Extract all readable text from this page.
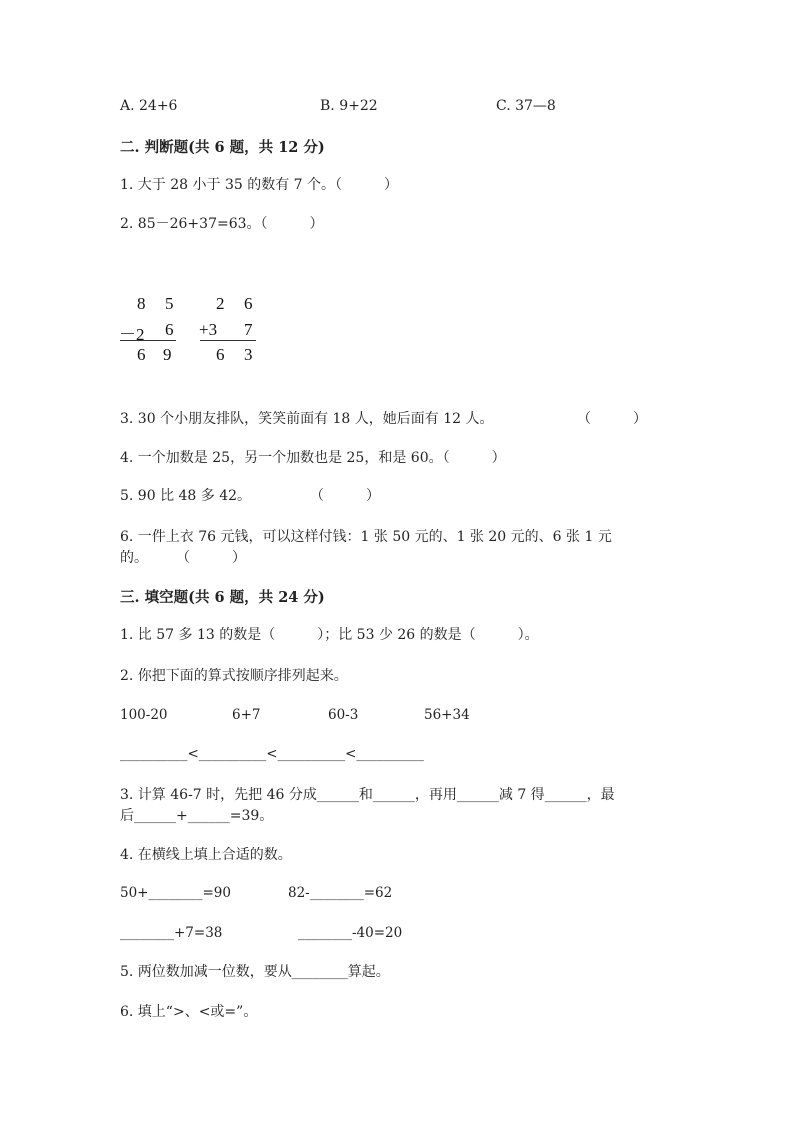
A. 24+6	B. 9+22	C. 37—8
二. 判断题(共 6 题，共 12 分)
1. 大于 28 小于 35 的数有 7 个。（　　　）
2. 85－26+37=63。（　　　）
8 5
－2 6
6 9
2 6
+3 7
6 3
3. 30 个小朋友排队，笑笑前面有 18 人，她后面有 12 人。	（　　　）
4. 一个加数是 25，另一个加数也是 25，和是 60。（　　　）
5. 90 比 48 多 42。	（　　　）
6. 一件上衣 76 元钱，可以这样付钱：1 张 50 元的、1 张 20 元的、6 张 1 元
的。　　　（　　　）
三. 填空题(共 6 题，共 24 分)
1. 比 57 多 13 的数是（　　　）；比 53 少 26 的数是（　　　）。
2. 你把下面的算式按顺序排列起来。
100-20	6+7	60-3	56+34
__________<__________<__________<__________
3. 计算 46-7 时，先把 46 分成______和______，再用______减 7 得______，最
后______+______=39。
4. 在横线上填上合适的数。
50+________=90	82-________=62
________+7=38	________-40=20
5. 两位数加减一位数，要从________算起。
6. 填上“>、<或=”。
